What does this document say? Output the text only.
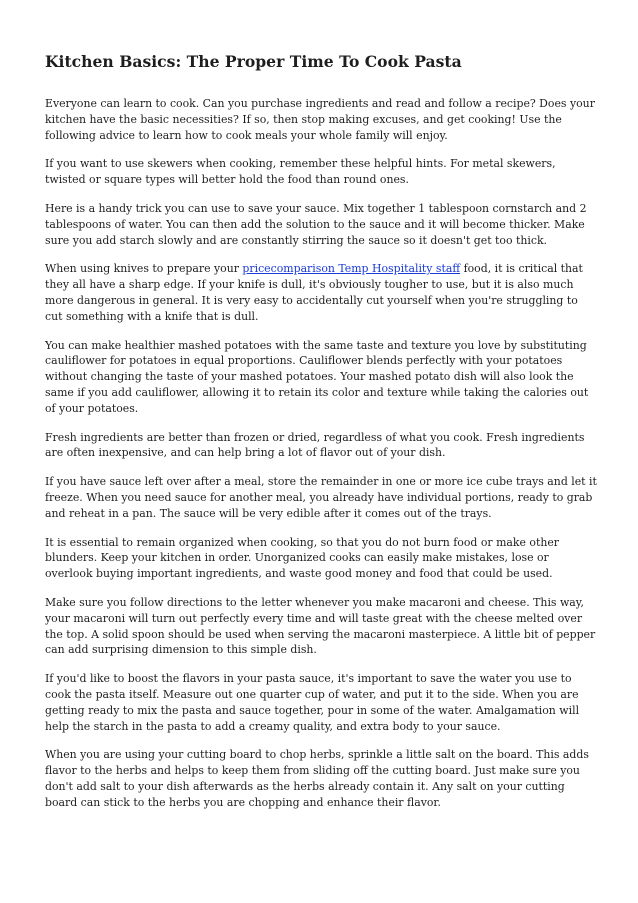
Kitchen Basics: The Proper Time To Cook Pasta

Everyone can learn to cook. Can you purchase ingredients and read and follow a recipe? Does your kitchen have the basic necessities? If so, then stop making excuses, and get cooking! Use the following advice to learn how to cook meals your whole family will enjoy.

If you want to use skewers when cooking, remember these helpful hints. For metal skewers, twisted or square types will better hold the food than round ones.

Here is a handy trick you can use to save your sauce. Mix together 1 tablespoon cornstarch and 2 tablespoons of water. You can then add the solution to the sauce and it will become thicker. Make sure you add starch slowly and are constantly stirring the sauce so it doesn't get too thick.

When using knives to prepare your pricecomparison Temp Hospitality staff food, it is critical that they all have a sharp edge. If your knife is dull, it's obviously tougher to use, but it is also much more dangerous in general. It is very easy to accidentally cut yourself when you're struggling to cut something with a knife that is dull.

You can make healthier mashed potatoes with the same taste and texture you love by substituting cauliflower for potatoes in equal proportions. Cauliflower blends perfectly with your potatoes without changing the taste of your mashed potatoes. Your mashed potato dish will also look the same if you add cauliflower, allowing it to retain its color and texture while taking the calories out of your potatoes.

Fresh ingredients are better than frozen or dried, regardless of what you cook. Fresh ingredients are often inexpensive, and can help bring a lot of flavor out of your dish.

If you have sauce left over after a meal, store the remainder in one or more ice cube trays and let it freeze. When you need sauce for another meal, you already have individual portions, ready to grab and reheat in a pan. The sauce will be very edible after it comes out of the trays.

It is essential to remain organized when cooking, so that you do not burn food or make other blunders. Keep your kitchen in order. Unorganized cooks can easily make mistakes, lose or overlook buying important ingredients, and waste good money and food that could be used.

Make sure you follow directions to the letter whenever you make macaroni and cheese. This way, your macaroni will turn out perfectly every time and will taste great with the cheese melted over the top. A solid spoon should be used when serving the macaroni masterpiece. A little bit of pepper can add surprising dimension to this simple dish.

If you'd like to boost the flavors in your pasta sauce, it's important to save the water you use to cook the pasta itself. Measure out one quarter cup of water, and put it to the side. When you are getting ready to mix the pasta and sauce together, pour in some of the water. Amalgamation will help the starch in the pasta to add a creamy quality, and extra body to your sauce.

When you are using your cutting board to chop herbs, sprinkle a little salt on the board. This adds flavor to the herbs and helps to keep them from sliding off the cutting board. Just make sure you don't add salt to your dish afterwards as the herbs already contain it. Any salt on your cutting board can stick to the herbs you are chopping and enhance their flavor.
